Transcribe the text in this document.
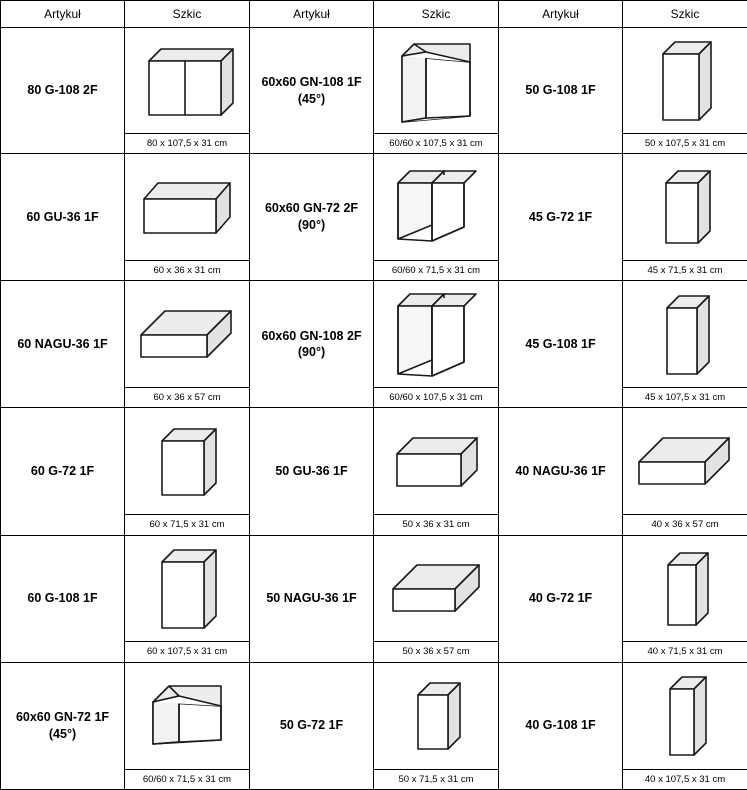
Artykuł	Szkic	Artykuł	Szkic	Artykuł	Szkic
80 G-108 2F	80 x 107,5 x 31 cm	60x60 GN-108 1F (45°)	60/60 x 107,5 x 31 cm	50 G-108 1F	50 x 107,5 x 31 cm

60 GU-36 1F	60 x 36 x 31 cm	60x60 GN-72 2F (90°)	60/60 x 71,5 x 31 cm	45 G-72 1F	45 x 71,5 x 31 cm

60 NAGU-36 1F	60 x 36 x 57 cm	60x60 GN-108 2F (90°)	60/60 x 107,5 x 31 cm	45 G-108 1F	45 x 107,5 x 31 cm

60 G-72 1F	60 x 71,5 x 31 cm	50 GU-36 1F	50 x 36 x 31 cm	40 NAGU-36 1F	40 x 36 x 57 cm

60 G-108 1F	60 x 107,5 x 31 cm	50 NAGU-36 1F	50 x 36 x 57 cm	40 G-72 1F	40 x 71,5 x 31 cm

60x60 GN-72 1F (45°)	60/60 x 71,5 x 31 cm	50 G-72 1F	50 x 71,5 x 31 cm	40 G-108 1F	40 x 107,5 x 31 cm
